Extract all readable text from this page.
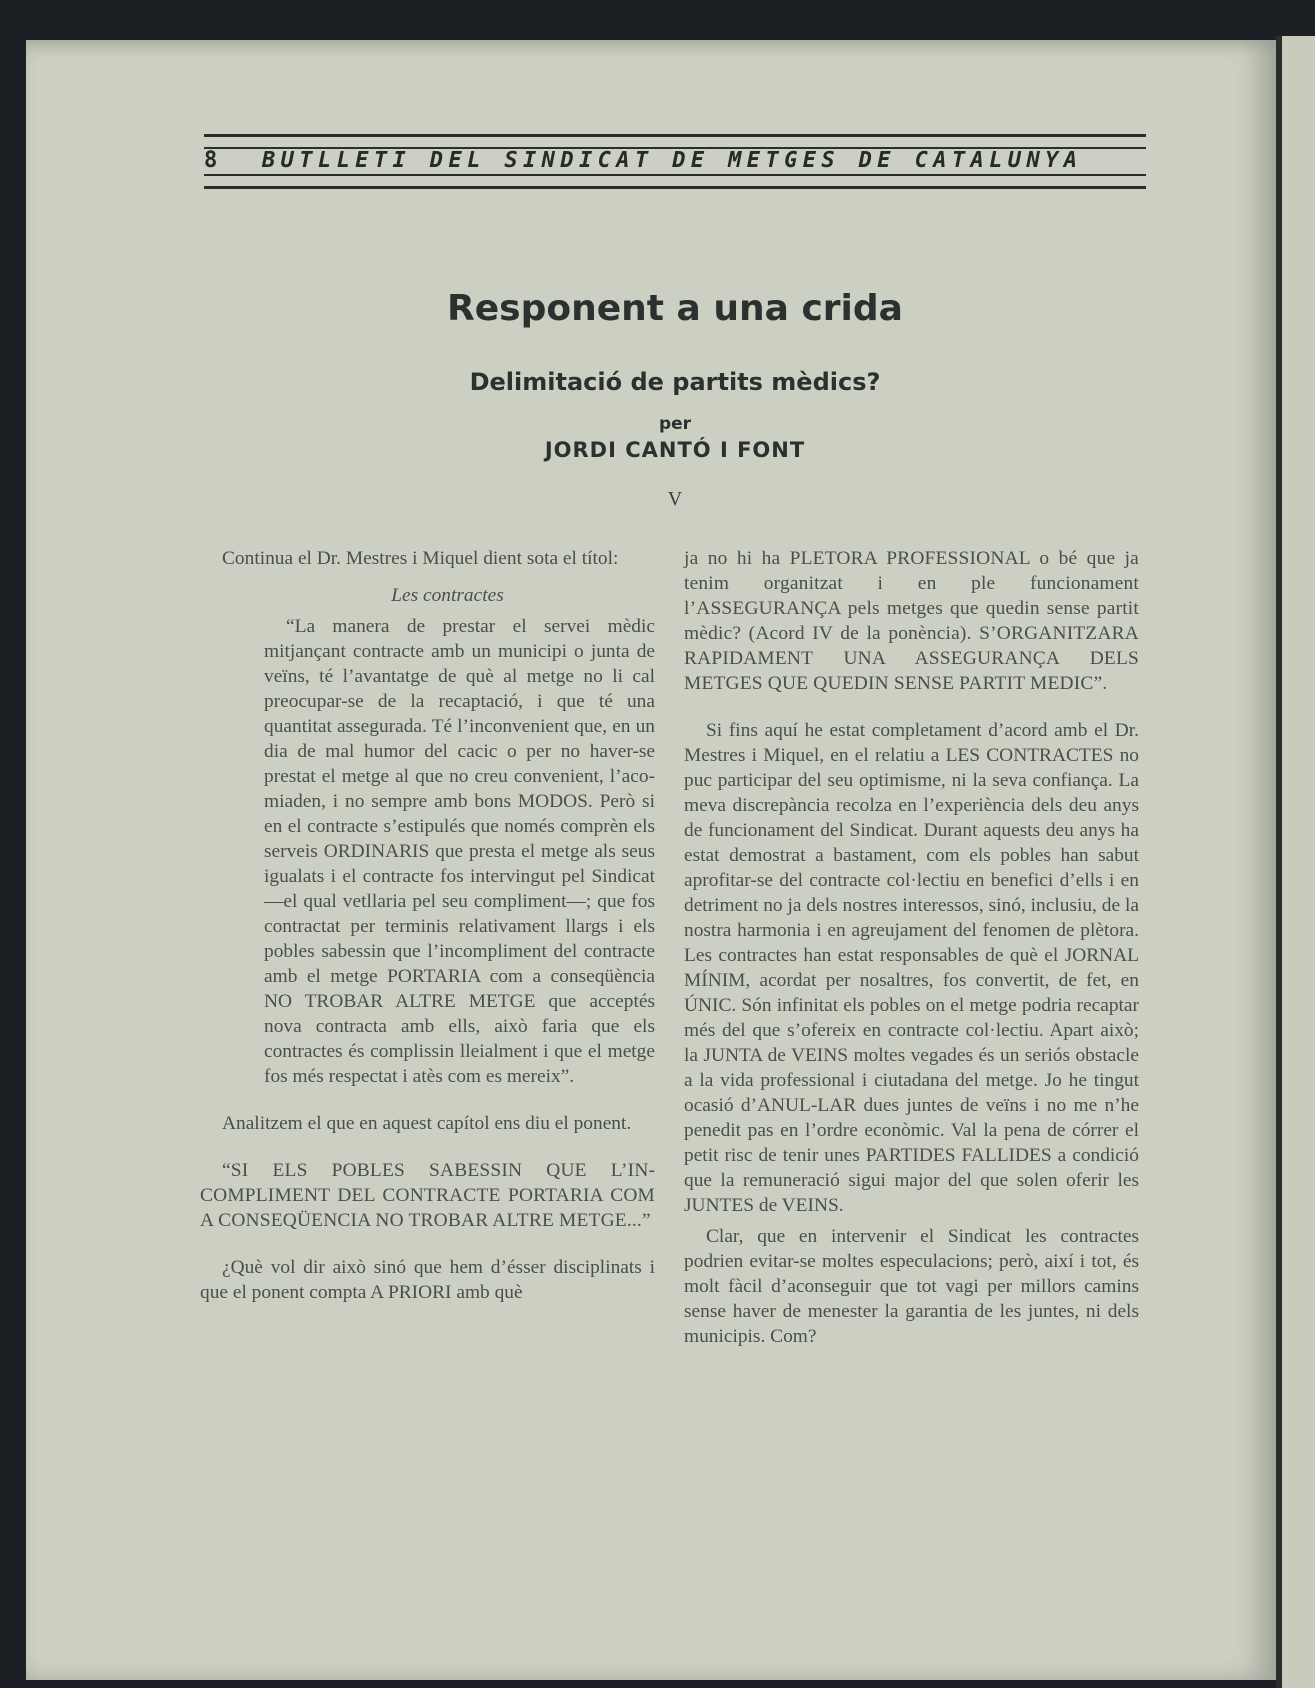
8	BUTLLETI DEL SINDICAT DE METGES DE CATALUNYA
Responent a una crida
Delimitació de partits mèdics?
per
JORDI CANTÓ I FONT
V

Continua el Dr. Mestres i Miquel dient sota el títol:

Les contractes

“La manera de prestar el servei mèdic mitjançant contracte amb un municipi o junta de veïns, té l’avantatge de què al metge no li cal preocupar-se de la recaptació, i que té una quantitat assegurada. Té l’inconvenient que, en un dia de mal humor del cacic o per no haver-se prestat el metge al que no creu convenient, l’acomiaden, i no sempre amb bons MODOS. Però si en el contracte s’estipulés que només comprèn els serveis ORDINARIS que presta el metge als seus igualats i el contracte fos intervingut pel Sindicat—el qual vetllaria pel seu compliment—; que fos contractat per terminis relativament llargs i els pobles sabessin que l’incompliment del contracte amb el metge PORTARIA com a conseqüència NO TROBAR ALTRE METGE que acceptés nova contracta amb ells, això faria que els contractes és complissin lleialment i que el metge fos més respectat i atès com es mereix”.

Analitzem el que en aquest capítol ens diu el ponent.

“SI ELS POBLES SABESSIN QUE L’INCOMPLIMENT DEL CONTRACTE PORTARIA COM A CONSEQÜENCIA NO TROBAR ALTRE METGE...”

¿Què vol dir això sinó que hem d’ésser disciplinats i que el ponent compta A PRIORI amb què

ja no hi ha PLETORA PROFESSIONAL o bé que ja tenim organitzat i en ple funcionament l’ASSEGURANÇA pels metges que quedin sense partit mèdic? (Acord IV de la ponència). S’ORGANITZARA RAPIDAMENT UNA ASSEGURANÇA DELS METGES QUE QUEDIN SENSE PARTIT MEDIC”.

Si fins aquí he estat completament d’acord amb el Dr. Mestres i Miquel, en el relatiu a LES CONTRACTES no puc participar del seu optimisme, ni la seva confiança. La meva discrepància recolza en l’experiència dels deu anys de funcionament del Sindicat. Durant aquests deu anys ha estat demostrat a bastament, com els pobles han sabut aprofitar-se del contracte col·lectiu en benefici d’ells i en detriment no ja dels nostres interessos, sinó, inclusiu, de la nostra harmonia i en agreujament del fenomen de plètora. Les contractes han estat responsables de què el JORNAL MÍNIM, acordat per nosaltres, fos convertit, de fet, en ÚNIC. Són infinitat els pobles on el metge podria recaptar més del que s’ofereix en contracte col·lectiu. Apart això; la JUNTA de VEINS moltes vegades és un seriós obstacle a la vida professional i ciutadana del metge. Jo he tingut ocasió d’ANUL-LAR dues juntes de veïns i no me n’he penedit pas en l’ordre econòmic. Val la pena de córrer el petit risc de tenir unes PARTIDES FALLIDES a condició que la remuneració sigui major del que solen oferir les JUNTES de VEINS.

Clar, que en intervenir el Sindicat les contractes podrien evitar-se moltes especulacions; però, així i tot, és molt fàcil d’aconseguir que tot vagi per millors camins sense haver de menester la garantia de les juntes, ni dels municipis. Com?
